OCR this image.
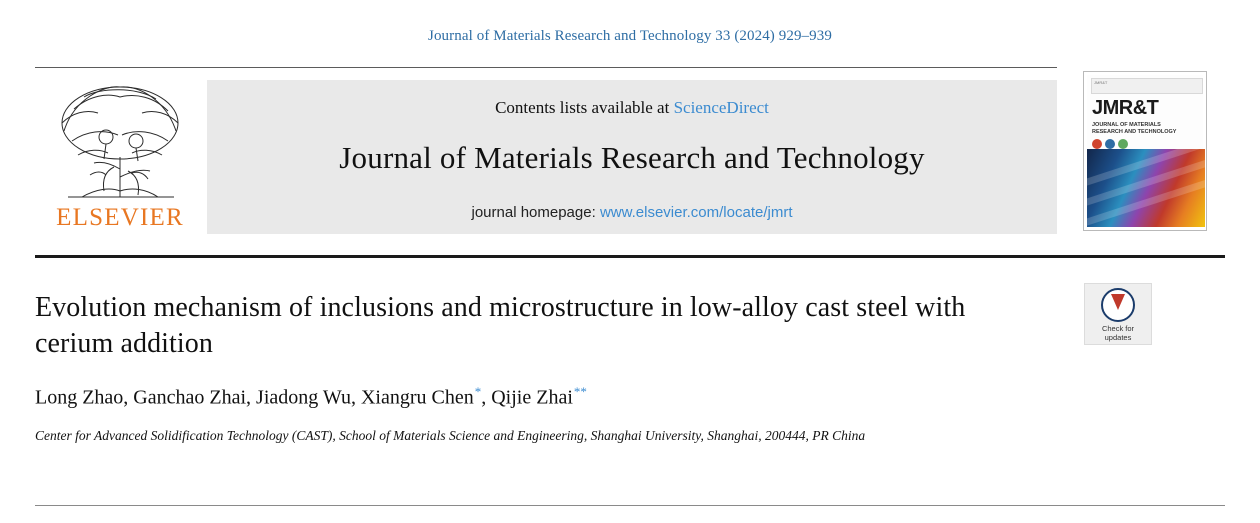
Journal of Materials Research and Technology 33 (2024) 929–939
ELSEVIER
Contents lists available at ScienceDirect
Journal of Materials Research and Technology
journal homepage: www.elsevier.com/locate/jmrt
JMR&T
JMR&T
JOURNAL OF MATERIALS
RESEARCH AND TECHNOLOGY
Check for
updates
Evolution mechanism of inclusions and microstructure in low-alloy cast steel with cerium addition
Long Zhao, Ganchao Zhai, Jiadong Wu, Xiangru Chen*, Qijie Zhai**
Center for Advanced Solidification Technology (CAST), School of Materials Science and Engineering, Shanghai University, Shanghai, 200444, PR China
